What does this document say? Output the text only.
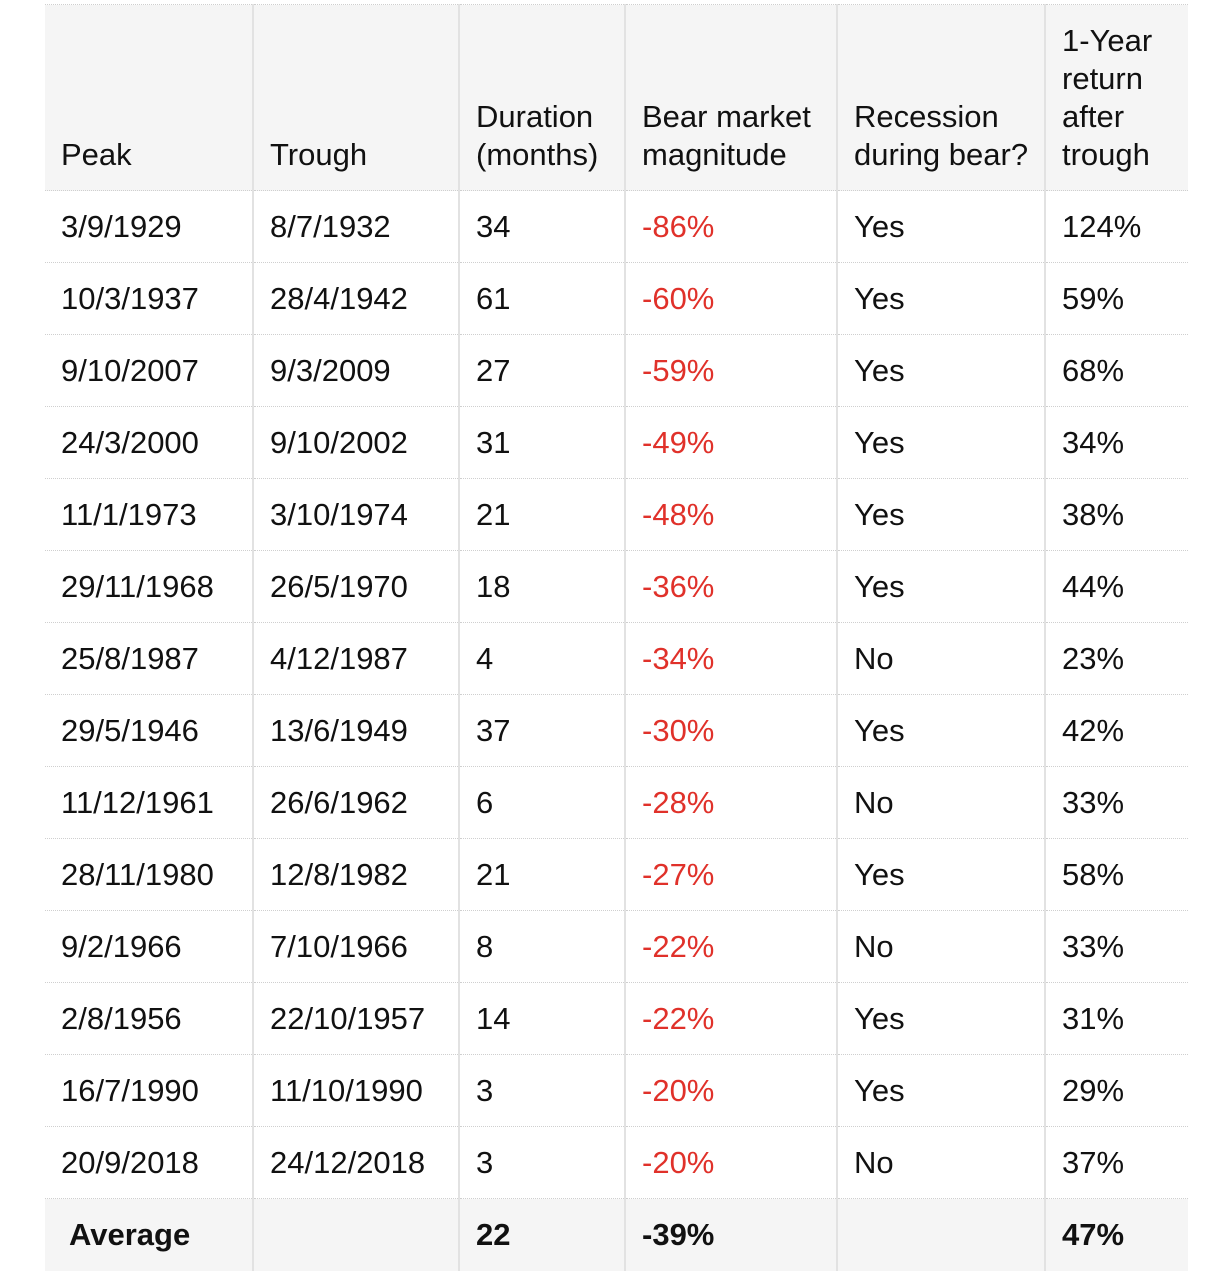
Peak	Trough	Duration (months)	Bear market magnitude	Recession during bear?	1-Year return after trough
3/9/1929	8/7/1932	34	-86%	Yes	124%
10/3/1937	28/4/1942	61	-60%	Yes	59%
9/10/2007	9/3/2009	27	-59%	Yes	68%
24/3/2000	9/10/2002	31	-49%	Yes	34%
11/1/1973	3/10/1974	21	-48%	Yes	38%
29/11/1968	26/5/1970	18	-36%	Yes	44%
25/8/1987	4/12/1987	4	-34%	No	23%
29/5/1946	13/6/1949	37	-30%	Yes	42%
11/12/1961	26/6/1962	6	-28%	No	33%
28/11/1980	12/8/1982	21	-27%	Yes	58%
9/2/1966	7/10/1966	8	-22%	No	33%
2/8/1956	22/10/1957	14	-22%	Yes	31%
16/7/1990	11/10/1990	3	-20%	Yes	29%
20/9/2018	24/12/2018	3	-20%	No	37%
Average		22	-39%		47%
